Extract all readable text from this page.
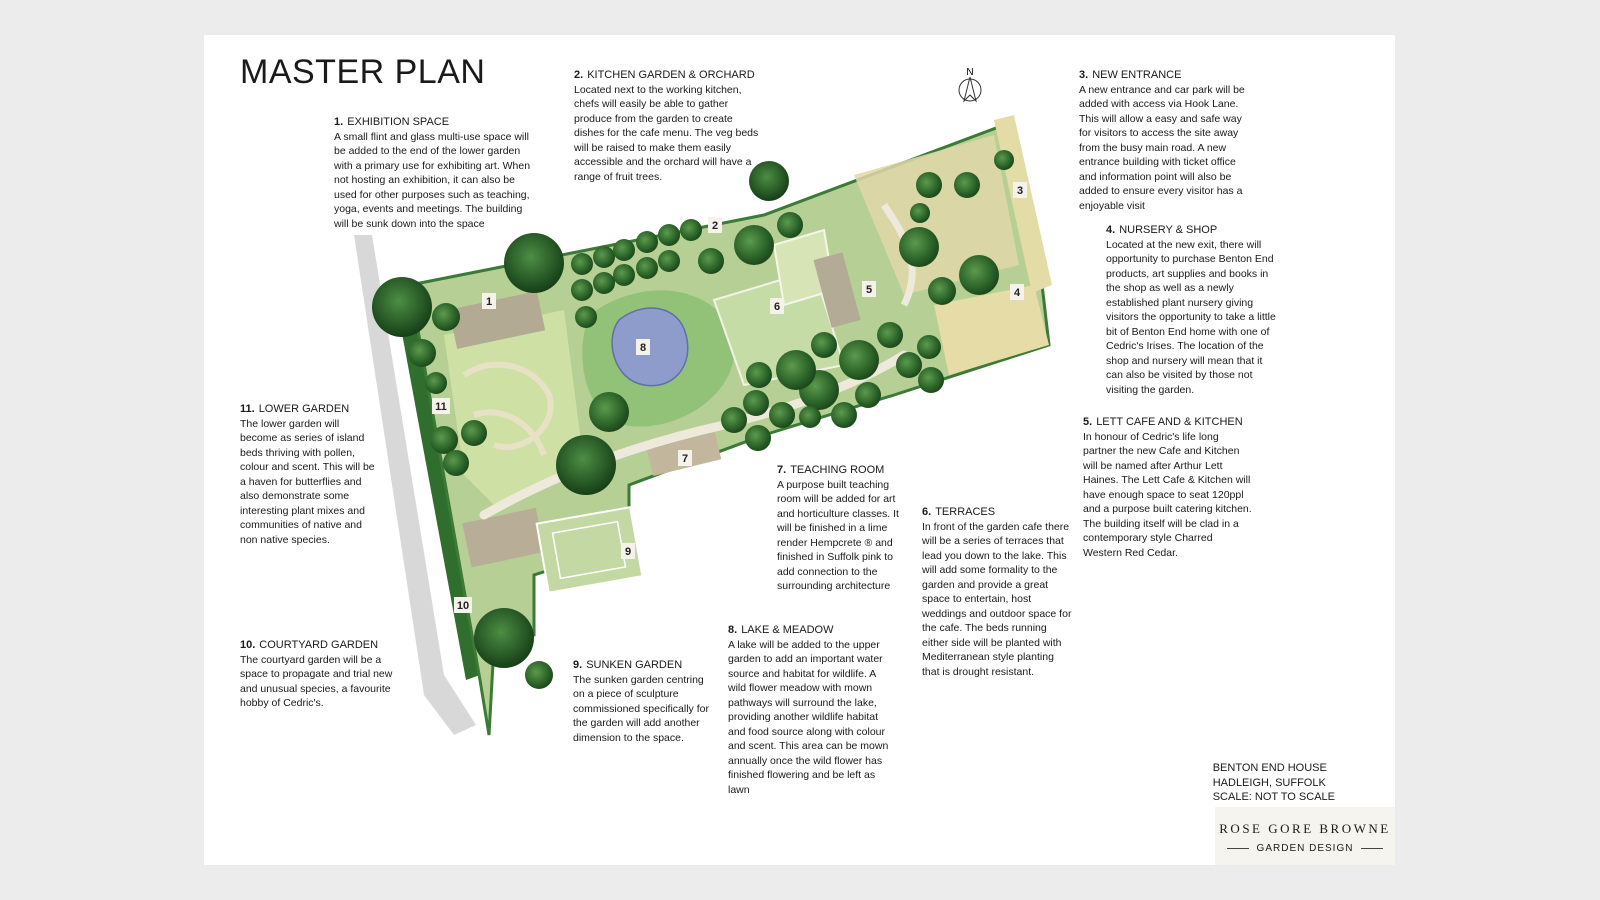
N
1
2
3
4
5
6
7
8
9
10
11
MASTER PLAN
1. EXHIBITION SPACE
A small flint and glass multi-use space will be added to the end of the lower garden with a primary use for exhibiting art. When not hosting an exhibition, it can also be used for other purposes such as teaching, yoga, events and meetings. The building will be sunk down into the space
2. KITCHEN GARDEN & ORCHARD
Located next to the working kitchen, chefs will easily be able to gather produce from the garden to create dishes for the cafe menu. The veg beds will be raised to make them easily accessible and the orchard will have a range of fruit trees.
3. NEW ENTRANCE
A new entrance and car park will be added with access via Hook Lane. This will allow a easy and safe way for visitors to access the site away from the busy main road. A new entrance building with ticket office and information point will also be added to ensure every visitor has a enjoyable visit
4. NURSERY & SHOP
Located at the new exit, there will opportunity to purchase Benton End products, art supplies and books in the shop as well as a newly established plant nursery giving visitors the opportunity to take a little bit of Benton End home with one of Cedric's Irises. The location of the shop and nursery will mean that it can also be visited by those not visiting the garden.
5. LETT CAFE AND & KITCHEN
In honour of Cedric's life long partner the new Cafe and Kitchen will be named after Arthur Lett Haines. The Lett Cafe & Kitchen will have enough space to seat 120ppl and a purpose built catering kitchen. The building itself will be clad in a contemporary style Charred Western Red Cedar.
6. TERRACES
In front of the garden cafe there will be a series of terraces that lead you down to the lake. This will add some formality to the garden and provide a great space to entertain, host weddings and outdoor space for the cafe. The beds running either side will be planted with Mediterranean style planting that is drought resistant.
7. TEACHING ROOM
A purpose built teaching room will be added for art and horticulture classes. It will be finished in a lime render Hempcrete ® and finished in Suffolk pink to add connection to the surrounding architecture
8. LAKE & MEADOW
A lake will be added to the upper garden to add an important water source and habitat for wildlife. A wild flower meadow with mown pathways will surround the lake, providing another wildlife habitat and food source along with colour and scent. This area can be mown annually once the wild flower has finished flowering and be left as lawn
9. SUNKEN GARDEN
The sunken garden centring on a piece of sculpture commissioned specifically for the garden will add another dimension to the space.
10. COURTYARD GARDEN
The courtyard garden will be a space to propagate and trial new and unusual species, a favourite hobby of Cedric's.
11. LOWER GARDEN
The lower garden will become as series of island beds thriving with pollen, colour and scent. This will be a haven for butterflies and also demonstrate some interesting plant mixes and communities of native and non native species.
BENTON END HOUSE
HADLEIGH, SUFFOLK
SCALE: NOT TO SCALE
ROSE GORE BROWNE
GARDEN DESIGN
